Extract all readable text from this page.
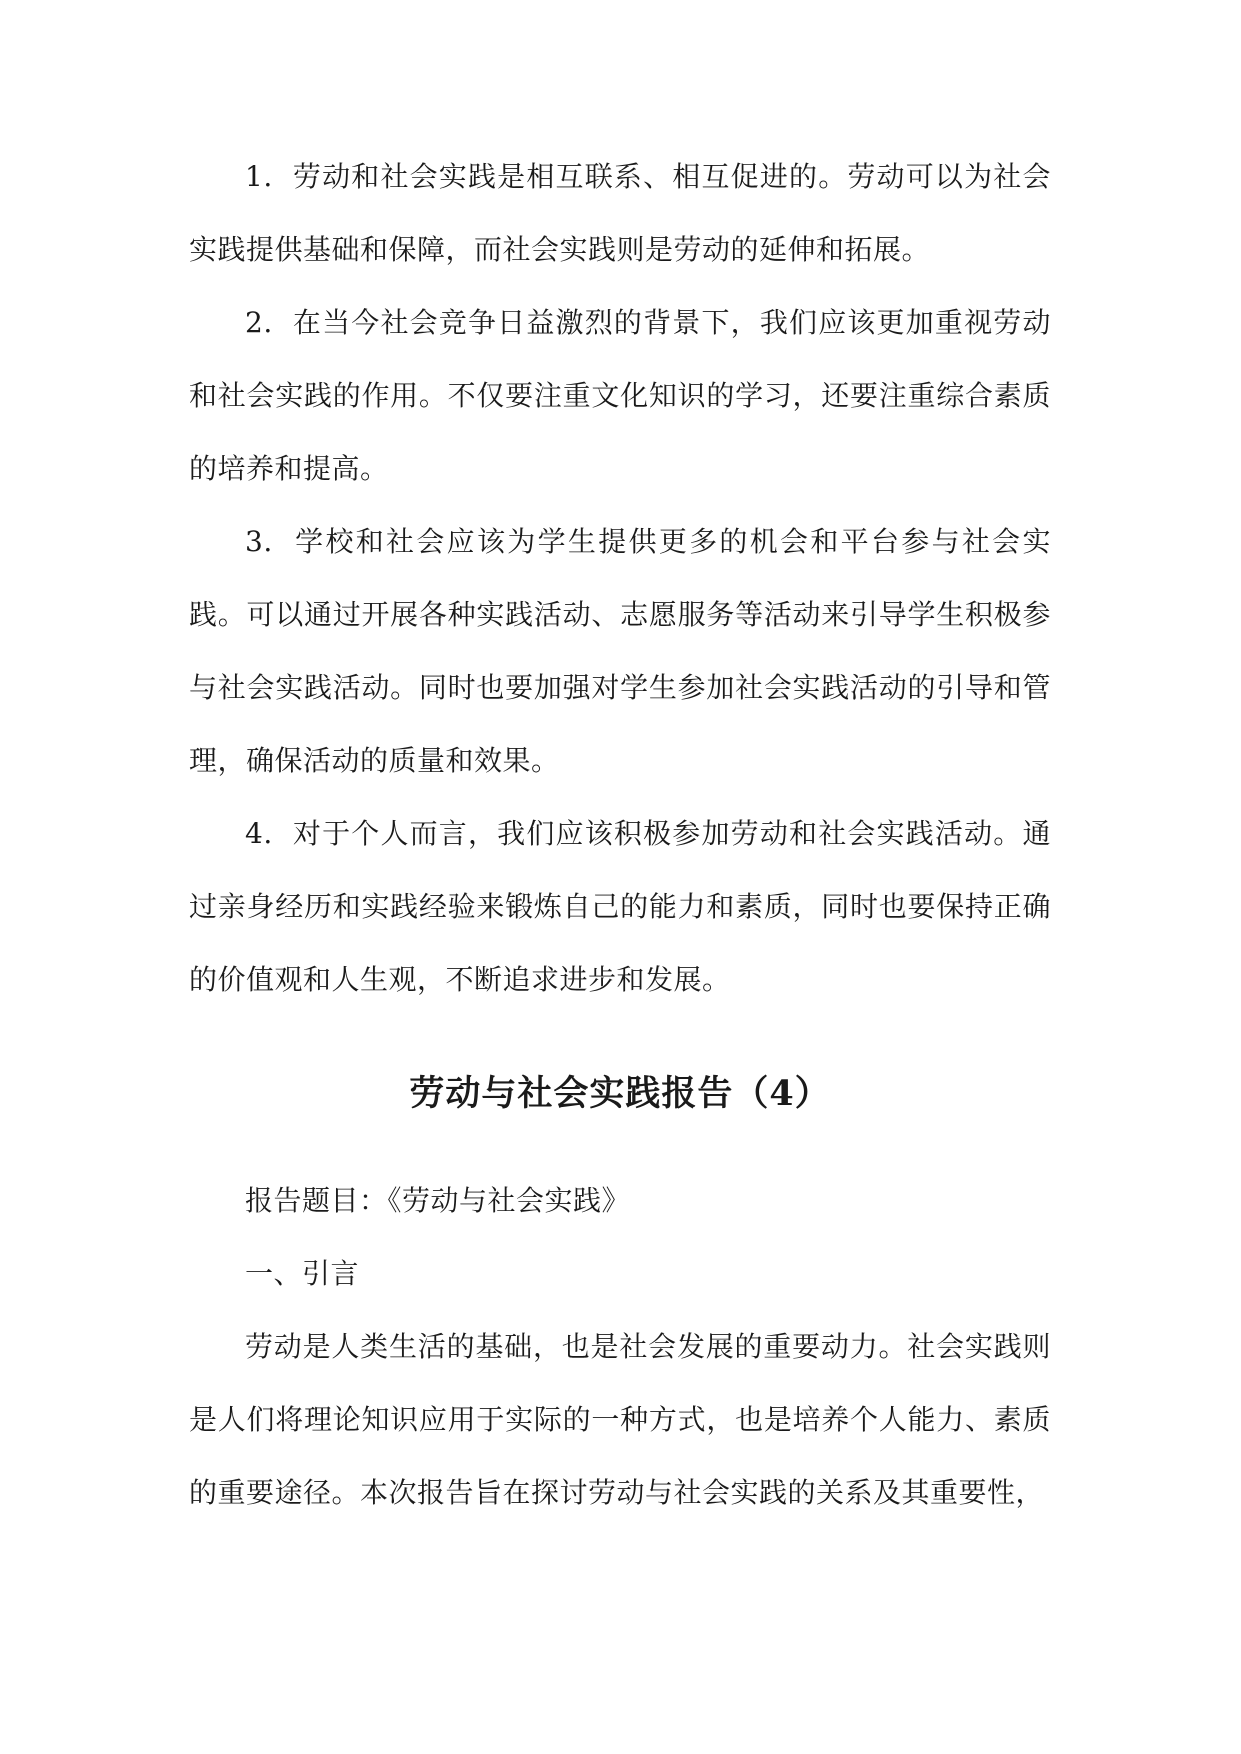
1. 劳动和社会实践是相互联系、相互促进的。劳动可以为社会实践提供基础和保障，而社会实践则是劳动的延伸和拓展。

2. 在当今社会竞争日益激烈的背景下，我们应该更加重视劳动和社会实践的作用。不仅要注重文化知识的学习，还要注重综合素质的培养和提高。

3. 学校和社会应该为学生提供更多的机会和平台参与社会实践。可以通过开展各种实践活动、志愿服务等活动来引导学生积极参与社会实践活动。同时也要加强对学生参加社会实践活动的引导和管理，确保活动的质量和效果。

4. 对于个人而言，我们应该积极参加劳动和社会实践活动。通过亲身经历和实践经验来锻炼自己的能力和素质，同时也要保持正确的价值观和人生观，不断追求进步和发展。

劳动与社会实践报告（4）

报告题目：《劳动与社会实践》

一、引言

劳动是人类生活的基础，也是社会发展的重要动力。社会实践则是人们将理论知识应用于实际的一种方式，也是培养个人能力、素质的重要途径。本次报告旨在探讨劳动与社会实践的关系及其重要性，
